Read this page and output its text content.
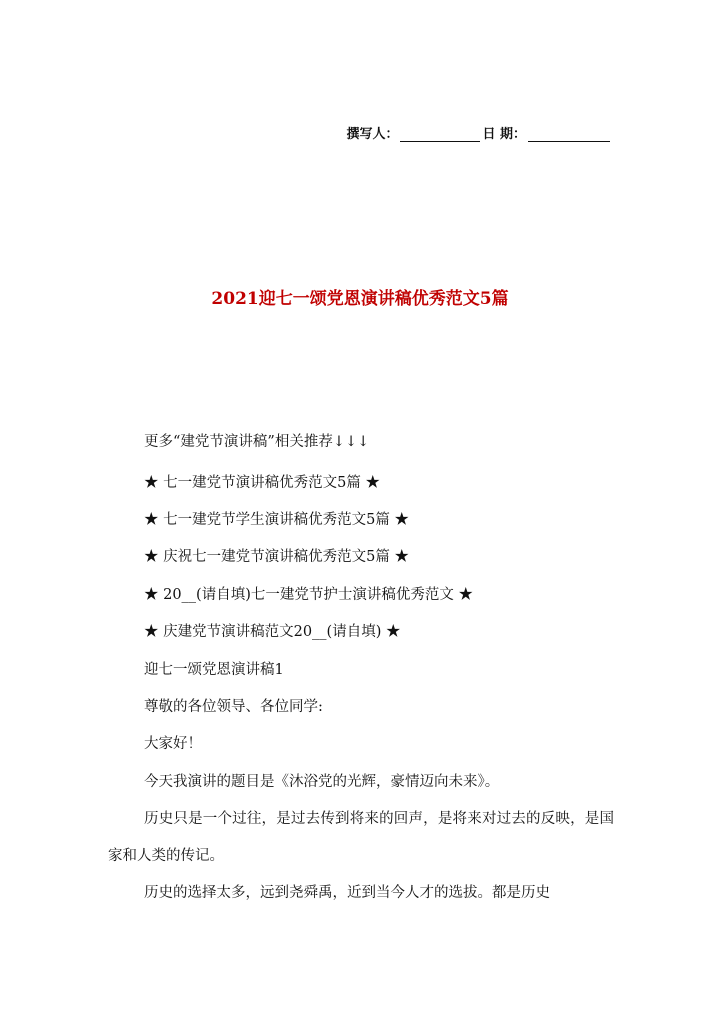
撰写人：	日 期：
2021迎七一颂党恩演讲稿优秀范文5篇
更多“建党节演讲稿”相关推荐↓↓↓
★ 七一建党节演讲稿优秀范文5篇 ★
★ 七一建党节学生演讲稿优秀范文5篇 ★
★ 庆祝七一建党节演讲稿优秀范文5篇 ★
★ 20__(请自填)七一建党节护士演讲稿优秀范文 ★
★ 庆建党节演讲稿范文20__(请自填) ★
迎七一颂党恩演讲稿1
尊敬的各位领导、各位同学:
大家好！
今天我演讲的题目是《沐浴党的光辉，豪情迈向未来》。
历史只是一个过往，是过去传到将来的回声，是将来对过去的反映，是国家和人类的传记。
历史的选择太多，远到尧舜禹，近到当今人才的选拔。都是历史
